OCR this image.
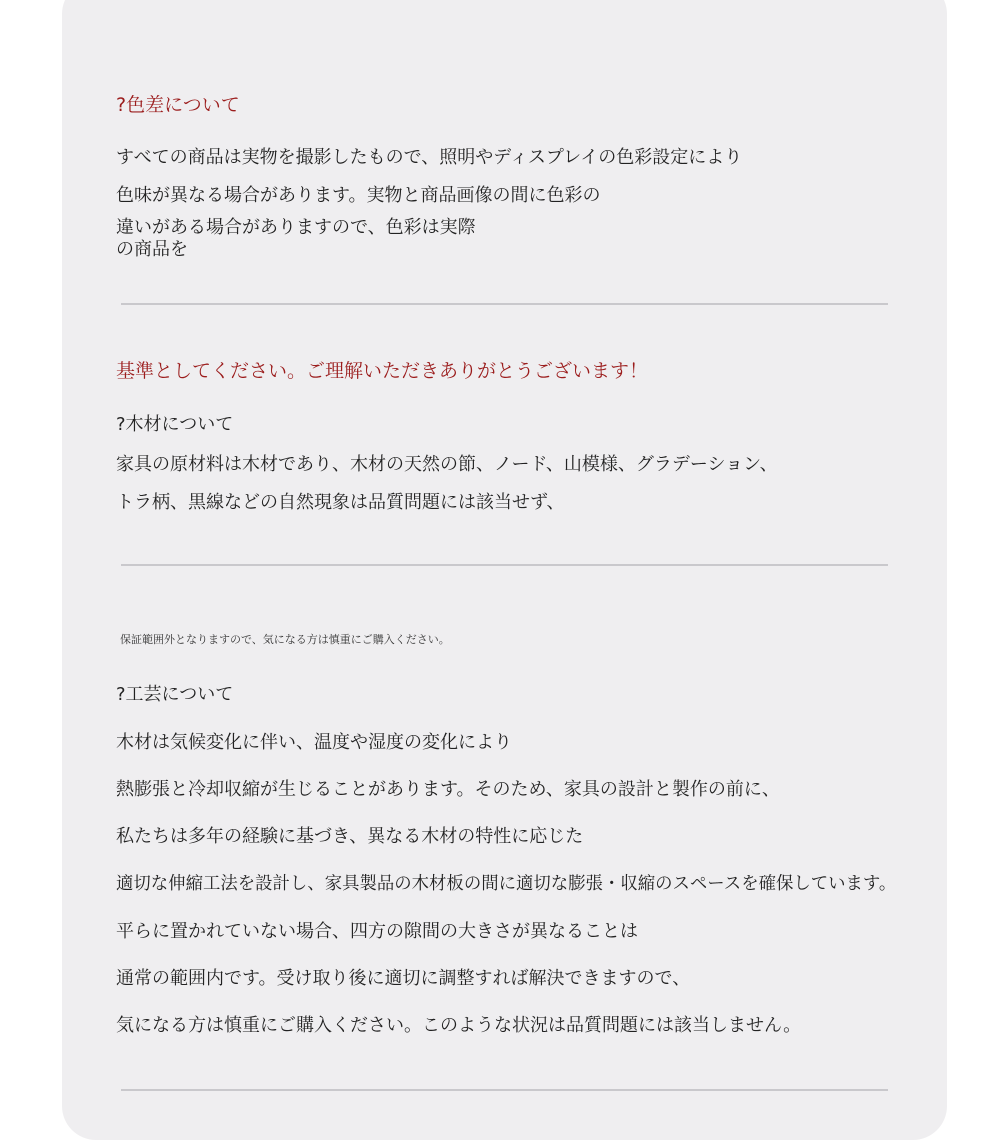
?色差について

すべての商品は実物を撮影したもので、照明やディスプレイの色彩設定により

色味が異なる場合があります。実物と商品画像の間に色彩の

違いがある場合がありますので、色彩は実際

の商品を

基準としてください。ご理解いただきありがとうございます！

?木材について

家具の原材料は木材であり、木材の天然の節、ノード、山模様、グラデーション、

トラ柄、黒線などの自然現象は品質問題には該当せず、

保証範囲外となりますので、気になる方は慎重にご購入ください。

?工芸について

木材は気候変化に伴い、温度や湿度の変化により

熱膨張と冷却収縮が生じることがあります。そのため、家具の設計と製作の前に、

私たちは多年の経験に基づき、異なる木材の特性に応じた

適切な伸縮工法を設計し、家具製品の木材板の間に適切な膨張・収縮のスペースを確保しています。

平らに置かれていない場合、四方の隙間の大きさが異なることは

通常の範囲内です。受け取り後に適切に調整すれば解決できますので、

気になる方は慎重にご購入ください。このような状況は品質問題には該当しません。
